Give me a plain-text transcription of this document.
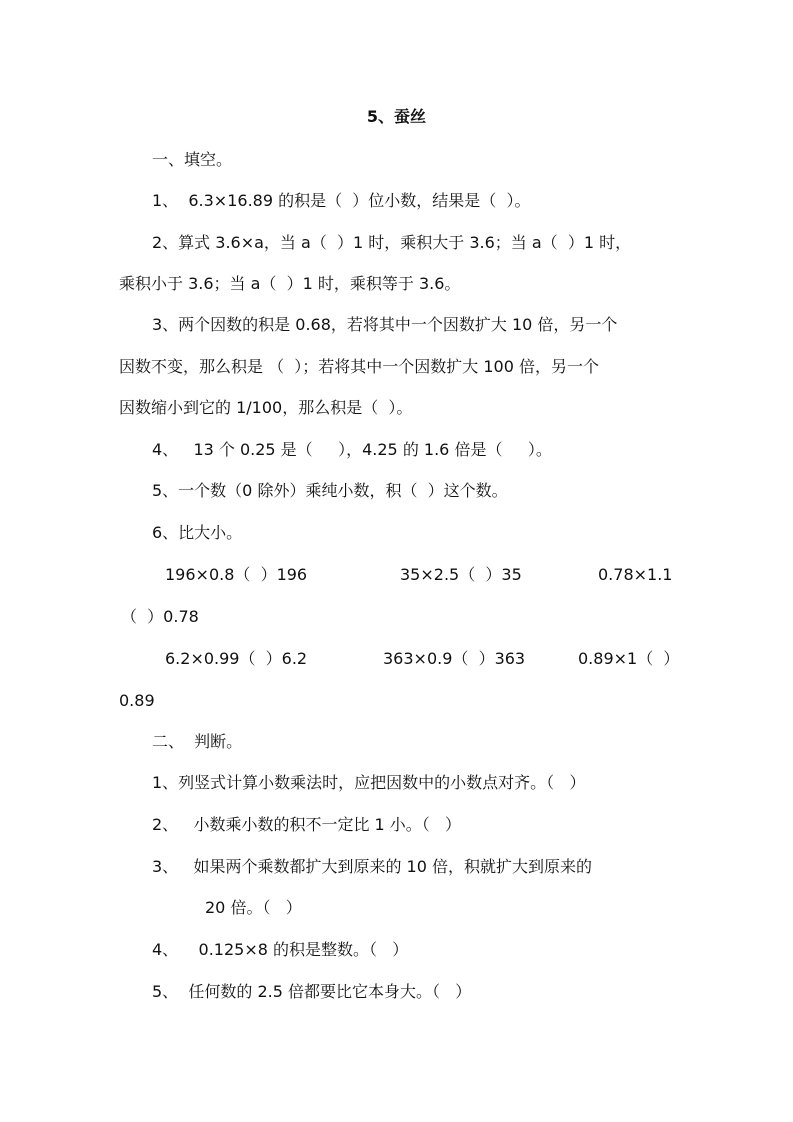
5、蚕丝
一、填空。
1、  6.3×16.89 的积是（  ）位小数，结果是（  ）。
2、算式 3.6×a，当 a（  ）1 时，乘积大于 3.6；当 a（  ）1 时，
乘积小于 3.6；当 a（  ）1 时，乘积等于 3.6。
3、两个因数的积是 0.68，若将其中一个因数扩大 10 倍，另一个
因数不变，那么积是 （  ）；若将其中一个因数扩大 100 倍，另一个
因数缩小到它的 1/100，那么积是（  ）。
4、   13 个 0.25 是（     ），4.25 的 1.6 倍是（     ）。
5、一个数（0 除外）乘纯小数，积（  ）这个数。
6、比大小。
196×0.8（  ）196	35×2.5（  ）35	0.78×1.1
（  ）0.78
6.2×0.99（  ）6.2	363×0.9（  ）363	0.89×1（  ）
0.89
二、  判断。
1、列竖式计算小数乘法时，应把因数中的小数点对齐。（   ）
2、   小数乘小数的积不一定比 1 小。（   ）
3、   如果两个乘数都扩大到原来的 10 倍，积就扩大到原来的
20 倍。（   ）
4、    0.125×8 的积是整数。（   ）
5、  任何数的 2.5 倍都要比它本身大。（   ）
